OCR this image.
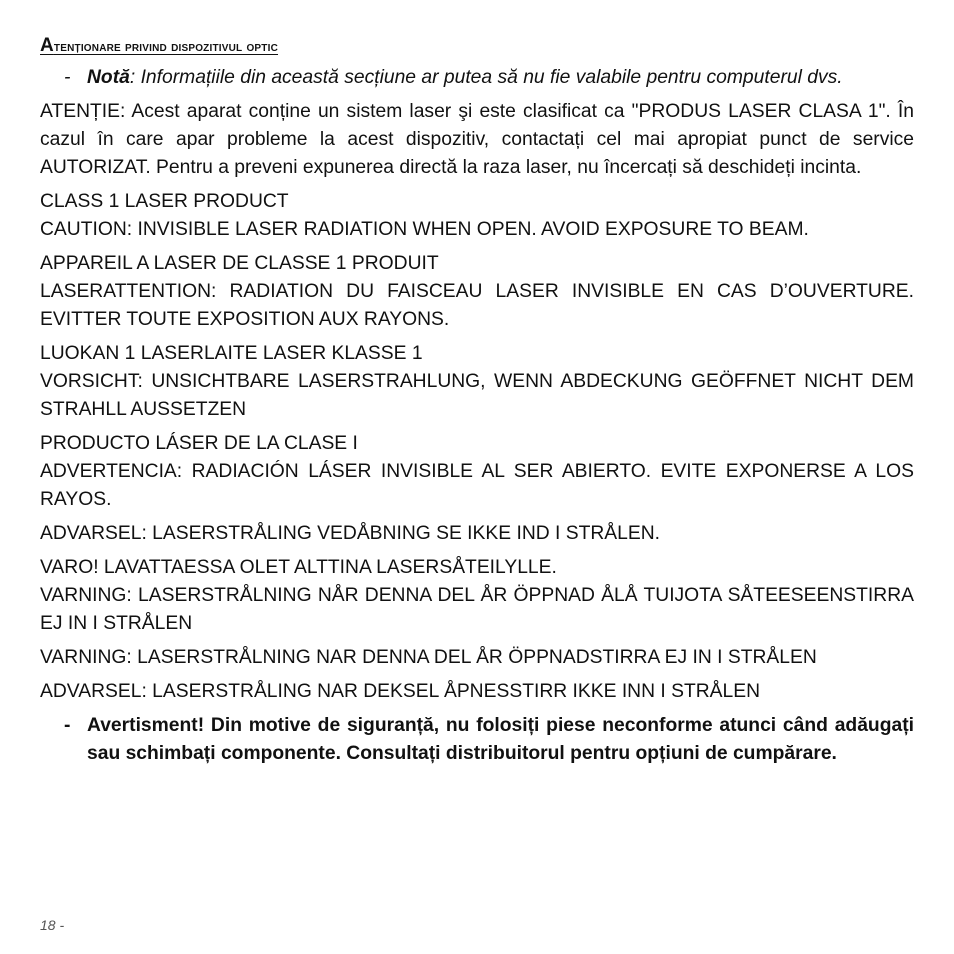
Atenționare privind dispozitivul optic
- Notă: Informațiile din această secțiune ar putea să nu fie valabile pentru computerul dvs.
ATENȚIE: Acest aparat conține un sistem laser şi este clasificat ca "PRODUS LASER CLASA 1". În cazul în care apar probleme la acest dispozitiv, contactați cel mai apropiat punct de service AUTORIZAT. Pentru a preveni expunerea directă la raza laser, nu încercați să deschideți incinta.
CLASS 1 LASER PRODUCT
CAUTION: INVISIBLE LASER RADIATION WHEN OPEN. AVOID EXPOSURE TO BEAM.
APPAREIL A LASER DE CLASSE 1 PRODUIT
LASERATTENTION: RADIATION DU FAISCEAU LASER INVISIBLE EN CAS D’OUVERTURE. EVITTER TOUTE EXPOSITION AUX RAYONS.
LUOKAN 1 LASERLAITE LASER KLASSE 1
VORSICHT: UNSICHTBARE LASERSTRAHLUNG, WENN ABDECKUNG GEÖFFNET NICHT DEM STRAHLL AUSSETZEN
PRODUCTO LÁSER DE LA CLASE I
ADVERTENCIA: RADIACIÓN LÁSER INVISIBLE AL SER ABIERTO. EVITE EXPONERSE A LOS RAYOS.
ADVARSEL: LASERSTRÅLING VEDÅBNING SE IKKE IND I STRÅLEN.
VARO! LAVATTAESSA OLET ALTTINA LASERSÅTEILYLLE.
VARNING: LASERSTRÅLNING NÅR DENNA DEL ÅR ÖPPNAD ÅLÅ TUIJOTA SÅTEESEENSTIRRA EJ IN I STRÅLEN
VARNING: LASERSTRÅLNING NAR DENNA DEL ÅR ÖPPNADSTIRRA EJ IN I STRÅLEN
ADVARSEL: LASERSTRÅLING NAR DEKSEL ÅPNESSTIRR IKKE INN I STRÅLEN
- Avertisment! Din motive de siguranță, nu folosiți piese neconforme atunci când adăugați sau schimbați componente. Consultați distribuitorul pentru opțiuni de cumpărare.
18 -
